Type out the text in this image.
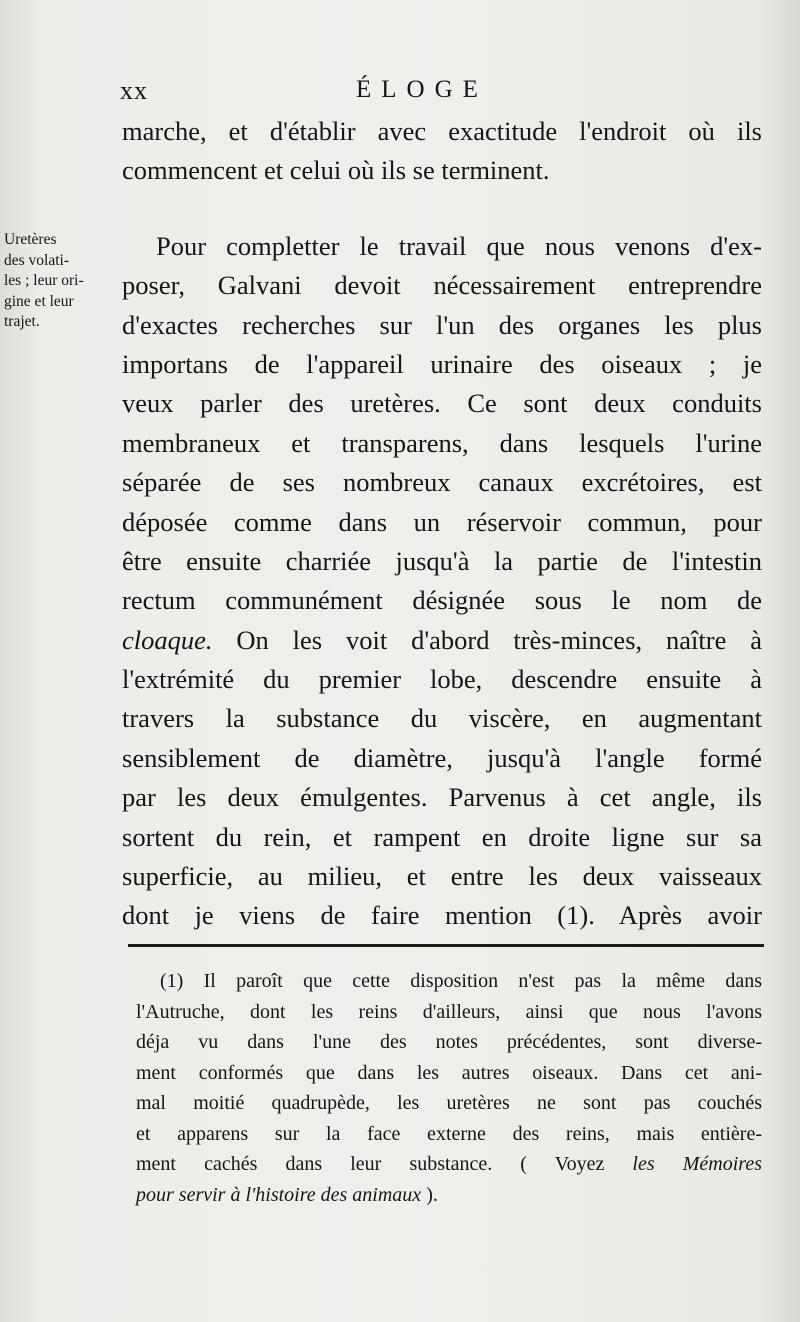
xx	ÉLOGE
Uretères
des volati-
les ; leur ori-
gine et leur
trajet.
marche, et d'établir avec exactitude l'endroit où ils
commencent et celui où ils se terminent.
Pour completter le travail que nous venons d'ex-
poser, Galvani devoit nécessairement entreprendre
d'exactes recherches sur l'un des organes les plus
importans de l'appareil urinaire des oiseaux ; je
veux parler des uretères. Ce sont deux conduits
membraneux et transparens, dans lesquels l'urine
séparée de ses nombreux canaux excrétoires, est
déposée comme dans un réservoir commun, pour
être ensuite charriée jusqu'à la partie de l'intestin
rectum communément désignée sous le nom de
cloaque. On les voit d'abord très-minces, naître à
l'extrémité du premier lobe, descendre ensuite à
travers la substance du viscère, en augmentant
sensiblement de diamètre, jusqu'à l'angle formé
par les deux émulgentes. Parvenus à cet angle, ils
sortent du rein, et rampent en droite ligne sur sa
superficie, au milieu, et entre les deux vaisseaux
dont je viens de faire mention (1). Après avoir
(1) Il paroît que cette disposition n'est pas la même dans
l'Autruche, dont les reins d'ailleurs, ainsi que nous l'avons
déja vu dans l'une des notes précédentes, sont diverse-
ment conformés que dans les autres oiseaux. Dans cet ani-
mal moitié quadrupède, les uretères ne sont pas couchés
et apparens sur la face externe des reins, mais entière-
ment cachés dans leur substance. ( Voyez les Mémoires
pour servir à l'histoire des animaux ).
